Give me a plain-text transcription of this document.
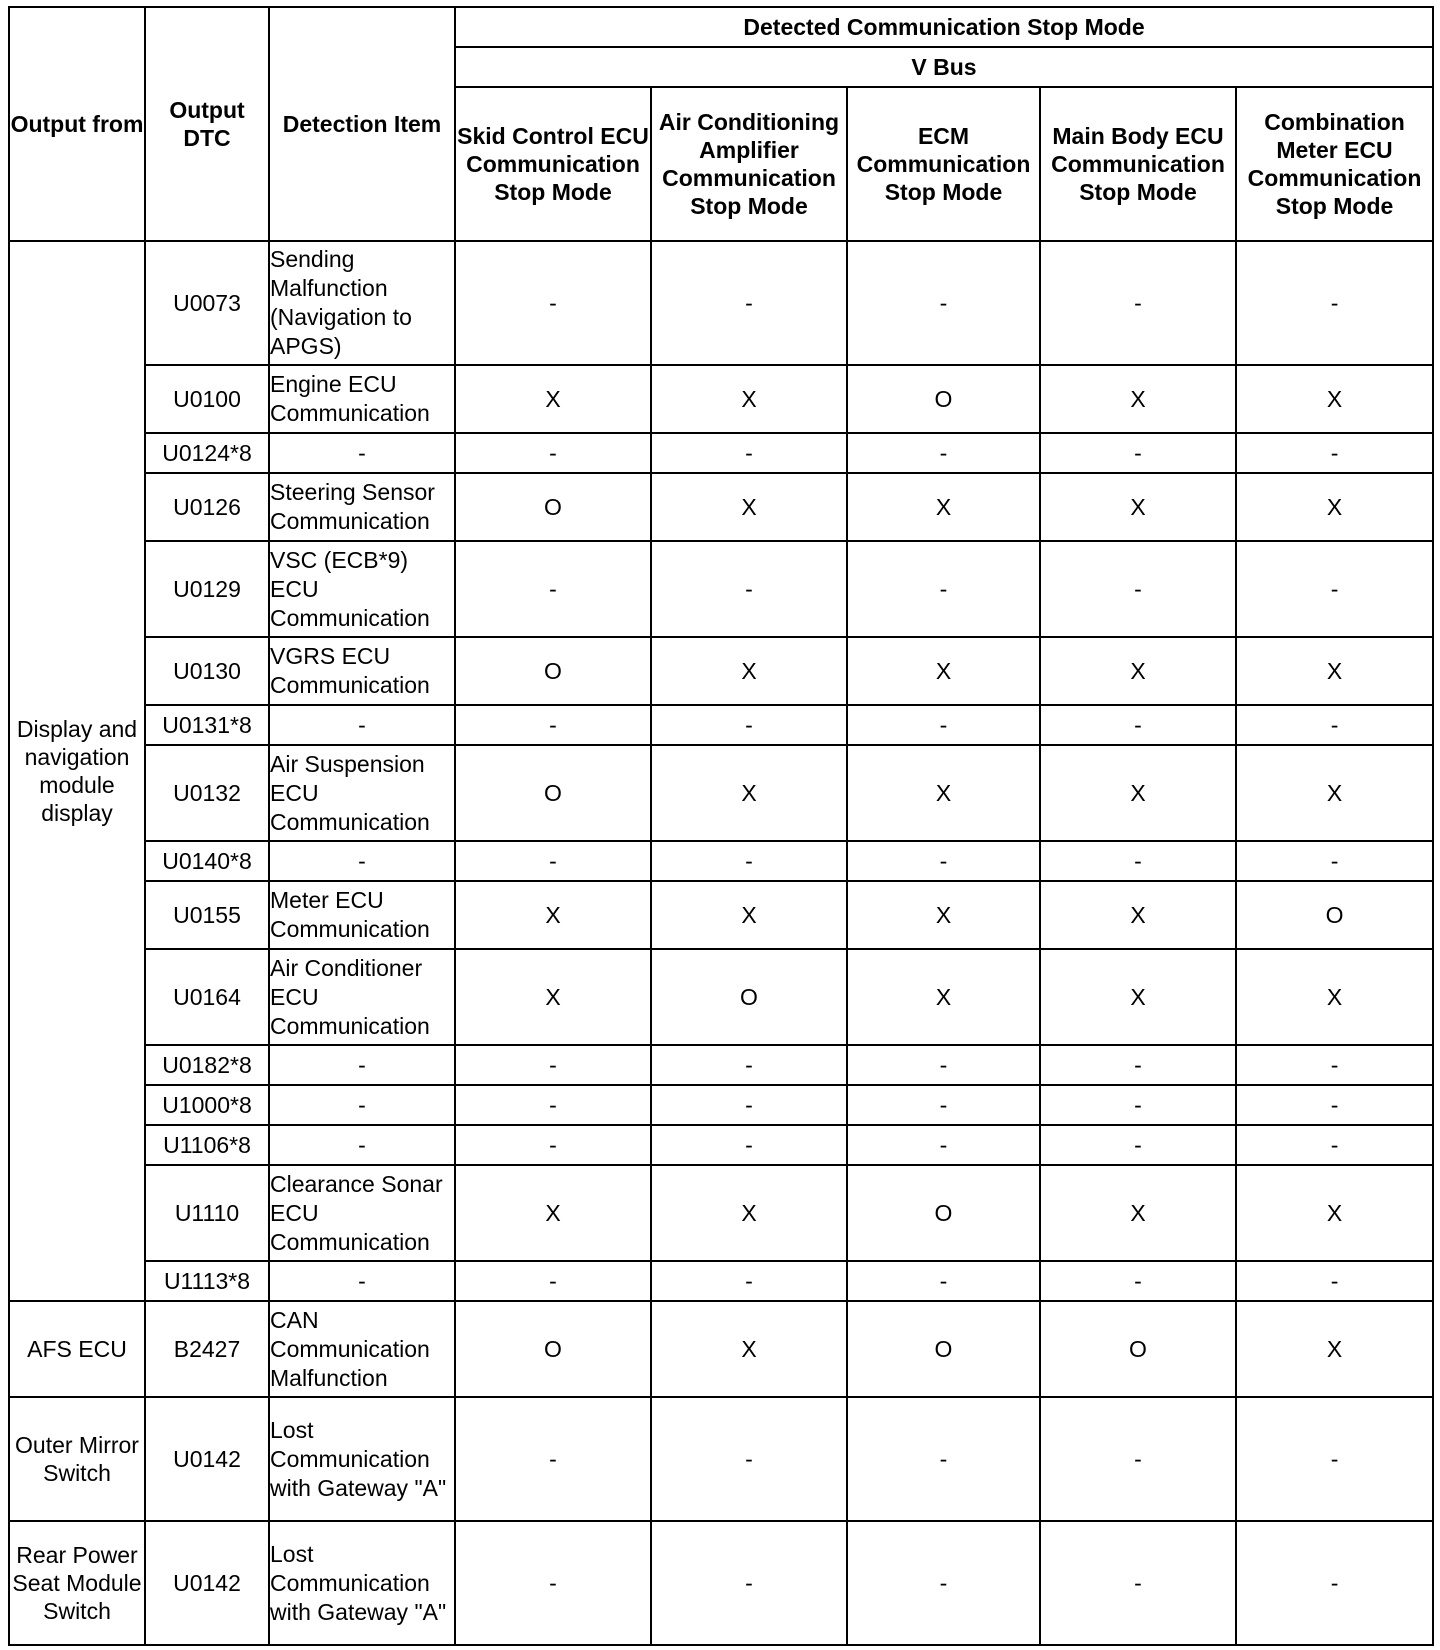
Output from	Output DTC	Detection Item	Detected Communication Stop Mode				
			V Bus				
			Skid Control ECU Communication Stop Mode	Air Conditioning Amplifier Communication Stop Mode	ECM Communication Stop Mode	Main Body ECU Communication Stop Mode	Combination Meter ECU Communication Stop Mode
Display and navigation module display	U0073	Sending Malfunction (Navigation to APGS)	-	-	-	-	-
	U0100	Engine ECU Communication	X	X	O	X	X
	U0124*8	-	-	-	-	-	-
	U0126	Steering Sensor Communication	O	X	X	X	X
	U0129	VSC (ECB*9) ECU Communication	-	-	-	-	-
	U0130	VGRS ECU Communication	O	X	X	X	X
	U0131*8	-	-	-	-	-	-
	U0132	Air Suspension ECU Communication	O	X	X	X	X
	U0140*8	-	-	-	-	-	-
	U0155	Meter ECU Communication	X	X	X	X	O
	U0164	Air Conditioner ECU Communication	X	O	X	X	X
	U0182*8	-	-	-	-	-	-
	U1000*8	-	-	-	-	-	-
	U1106*8	-	-	-	-	-	-
	U1110	Clearance Sonar ECU Communication	X	X	O	X	X
	U1113*8	-	-	-	-	-	-
AFS ECU	B2427	CAN Communication Malfunction	O	X	O	O	X
Outer Mirror Switch	U0142	Lost Communication with Gateway "A"	-	-	-	-	-
Rear Power Seat Module Switch	U0142	Lost Communication with Gateway "A"	-	-	-	-	-
